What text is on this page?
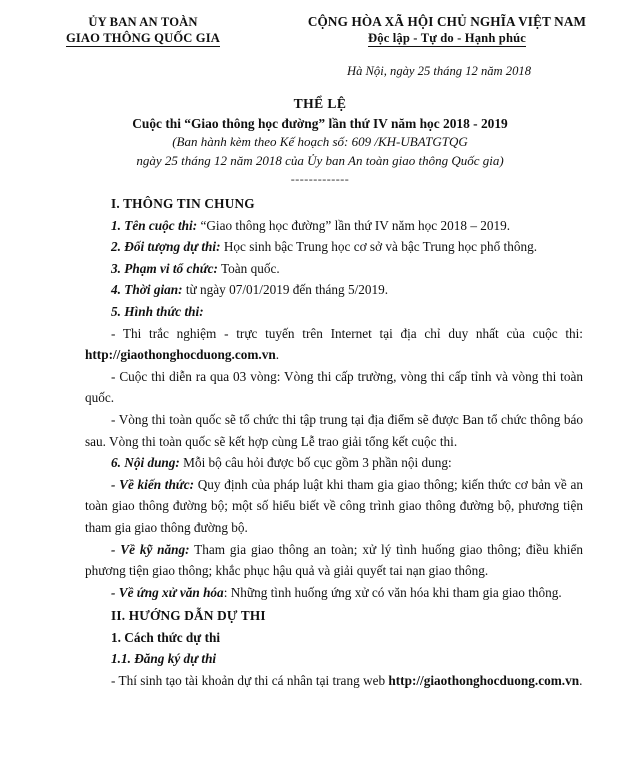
ỦY BAN AN TOÀN
GIAO THÔNG QUỐC GIA
CỘNG HÒA XÃ HỘI CHỦ NGHĨA VIỆT NAM
Độc lập - Tự do - Hạnh phúc
Hà Nội, ngày 25 tháng 12 năm 2018
THỂ LỆ
Cuộc thi “Giao thông học đường” lần thứ IV năm học 2018 - 2019
(Ban hành kèm theo Kế hoạch số: 609 /KH-UBATGTQG
ngày 25 tháng 12 năm 2018 của Ủy ban An toàn giao thông Quốc gia)
-------------

I. THÔNG TIN CHUNG

1. Tên cuộc thi: “Giao thông học đường” lần thứ IV năm học 2018 – 2019.

2. Đối tượng dự thi: Học sinh bậc Trung học cơ sở và bậc Trung học phổ thông.

3. Phạm vi tổ chức: Toàn quốc.

4. Thời gian: từ ngày 07/01/2019 đến tháng 5/2019.

5. Hình thức thi:

- Thi trắc nghiệm - trực tuyến trên Internet tại địa chỉ duy nhất của cuộc thi: http://giaothonghocduong.com.vn.

- Cuộc thi diễn ra qua 03 vòng: Vòng thi cấp trường, vòng thi cấp tỉnh và vòng thi toàn quốc.

- Vòng thi toàn quốc sẽ tổ chức thi tập trung tại địa điểm sẽ được Ban tổ chức thông báo sau. Vòng thi toàn quốc sẽ kết hợp cùng Lễ trao giải tổng kết cuộc thi.

6. Nội dung: Mỗi bộ câu hỏi được bố cục gồm 3 phần nội dung:

- Về kiến thức: Quy định của pháp luật khi tham gia giao thông; kiến thức cơ bản về an toàn giao thông đường bộ; một số hiểu biết về công trình giao thông đường bộ, phương tiện tham gia giao thông đường bộ.

- Về kỹ năng: Tham gia giao thông an toàn; xử lý tình huống giao thông; điều khiển phương tiện giao thông; khắc phục hậu quả và giải quyết tai nạn giao thông.

- Về ứng xử văn hóa: Những tình huống ứng xử có văn hóa khi tham gia giao thông.

II. HƯỚNG DẪN DỰ THI

1. Cách thức dự thi

1.1. Đăng ký dự thi

- Thí sinh tạo tài khoản dự thi cá nhân tại trang web http://giaothonghocduong.com.vn.
